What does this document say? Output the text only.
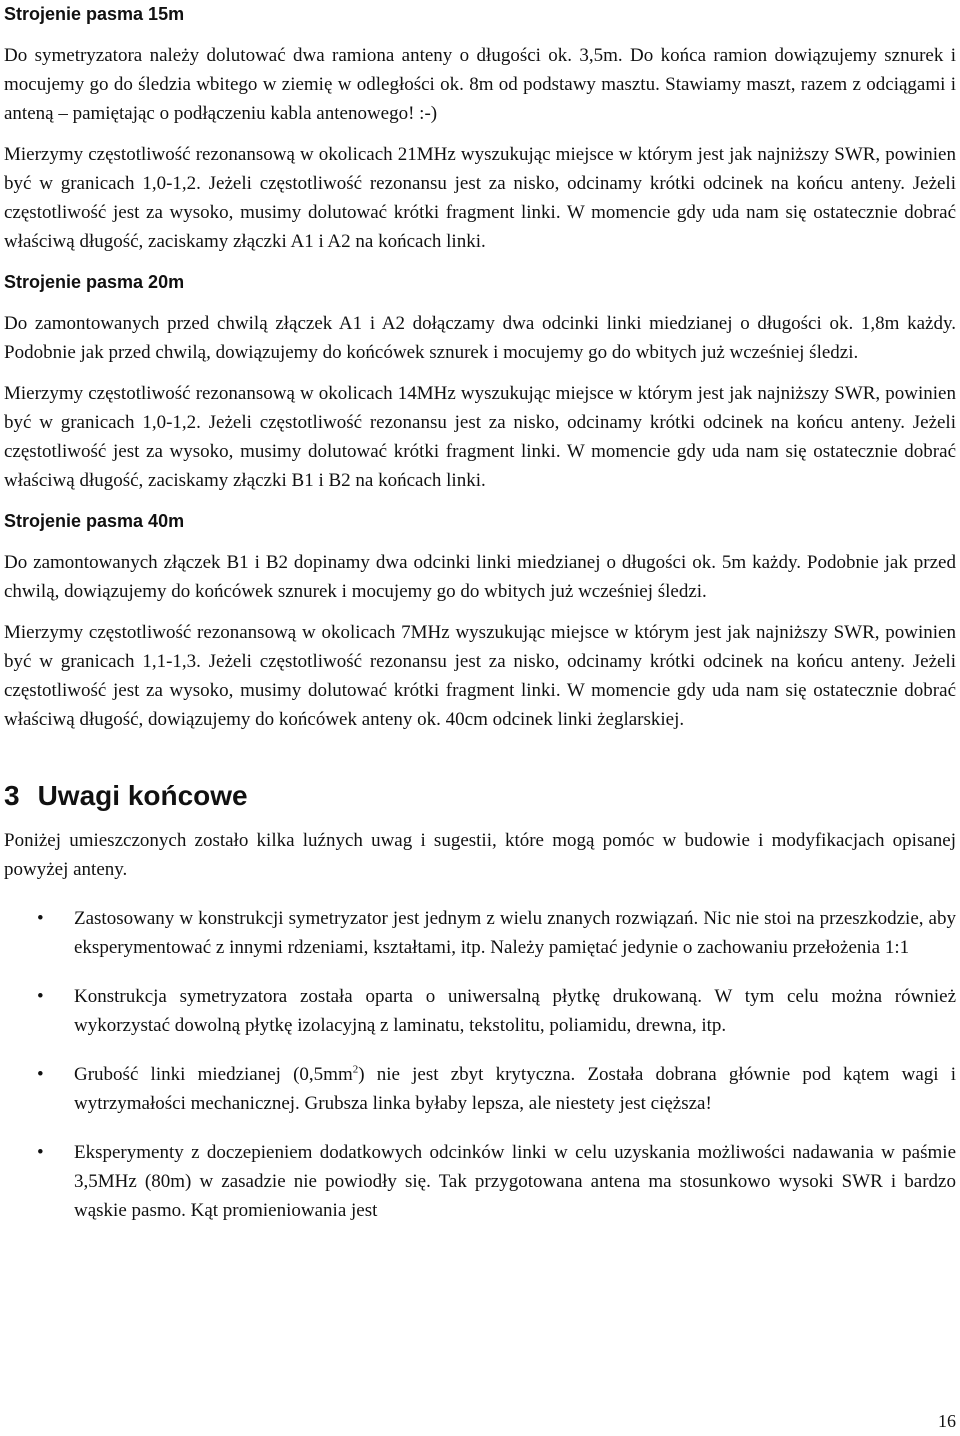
Strojenie pasma 15m

Do symetryzatora należy dolutować dwa ramiona anteny o długości ok. 3,5m. Do końca ramion dowiązujemy sznurek i mocujemy go do śledzia wbitego w ziemię w odległości ok. 8m od podstawy masztu. Stawiamy maszt, razem z odciągami i anteną – pamiętając o podłączeniu kabla antenowego! :-)

Mierzymy częstotliwość rezonansową w okolicach 21MHz wyszukując miejsce w którym jest jak najniższy SWR, powinien być w granicach 1,0-1,2. Jeżeli częstotliwość rezonansu jest za nisko, odcinamy krótki odcinek na końcu anteny. Jeżeli częstotliwość jest za wysoko, musimy dolutować krótki fragment linki. W momencie gdy uda nam się ostatecznie dobrać właściwą długość, zaciskamy złączki A1 i A2 na końcach linki.

Strojenie pasma 20m

Do zamontowanych przed chwilą złączek A1 i A2 dołączamy dwa odcinki linki miedzianej o długości ok. 1,8m każdy. Podobnie jak przed chwilą, dowiązujemy do końcówek sznurek i mocujemy go do wbitych już wcześniej śledzi.

Mierzymy częstotliwość rezonansową w okolicach 14MHz wyszukując miejsce w którym jest jak najniższy SWR, powinien być w granicach 1,0-1,2. Jeżeli częstotliwość rezonansu jest za nisko, odcinamy krótki odcinek na końcu anteny. Jeżeli częstotliwość jest za wysoko, musimy dolutować krótki fragment linki. W momencie gdy uda nam się ostatecznie dobrać właściwą długość, zaciskamy złączki B1 i B2 na końcach linki.

Strojenie pasma 40m

Do zamontowanych złączek B1 i B2 dopinamy dwa odcinki linki miedzianej o długości ok. 5m każdy. Podobnie jak przed chwilą, dowiązujemy do końcówek sznurek i mocujemy go do wbitych już wcześniej śledzi.

Mierzymy częstotliwość rezonansową w okolicach 7MHz wyszukując miejsce w którym jest jak najniższy SWR, powinien być w granicach 1,1-1,3. Jeżeli częstotliwość rezonansu jest za nisko, odcinamy krótki odcinek na końcu anteny. Jeżeli częstotliwość jest za wysoko, musimy dolutować krótki fragment linki. W momencie gdy uda nam się ostatecznie dobrać właściwą długość, dowiązujemy do końcówek anteny ok. 40cm odcinek linki żeglarskiej.

3 Uwagi końcowe

Poniżej umieszczonych zostało kilka luźnych uwag i sugestii, które mogą pomóc w budowie i modyfikacjach opisanej powyżej anteny.

• Zastosowany w konstrukcji symetryzator jest jednym z wielu znanych rozwiązań. Nic nie stoi na przeszkodzie, aby eksperymentować z innymi rdzeniami, kształtami, itp. Należy pamiętać jedynie o zachowaniu przełożenia 1:1
• Konstrukcja symetryzatora została oparta o uniwersalną płytkę drukowaną. W tym celu można również wykorzystać dowolną płytkę izolacyjną z laminatu, tekstolitu, poliamidu, drewna, itp.
• Grubość linki miedzianej $(0,5mm^2)$ nie jest zbyt krytyczna. Została dobrana głównie pod kątem wagi i wytrzymałości mechanicznej. Grubsza linka byłaby lepsza, ale niestety jest cięższa!
• Eksperymenty z doczepieniem dodatkowych odcinków linki w celu uzyskania możliwości nadawania w paśmie 3,5MHz (80m) w zasadzie nie powiodły się. Tak przygotowana antena ma stosunkowo wysoki SWR i bardzo wąskie pasmo. Kąt promieniowania jest
16
